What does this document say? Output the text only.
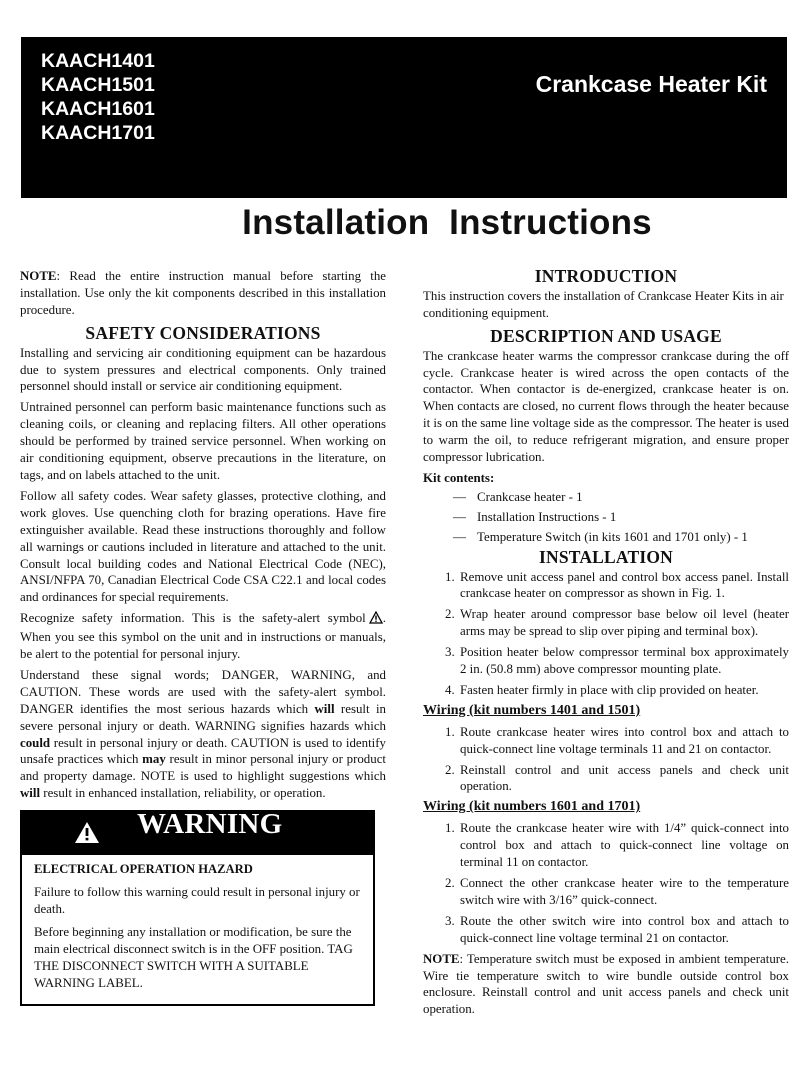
KAACH1401
KAACH1501
KAACH1601
KAACH1701
Crankcase Heater Kit
Installation  Instructions

NOTE: Read the entire instruction manual before starting the installation. Use only the kit components described in this installation procedure.

SAFETY CONSIDERATIONS

Installing and servicing air conditioning equipment can be hazardous due to system pressures and electrical components. Only trained personnel should install or service air conditioning equipment.

Untrained personnel can perform basic maintenance functions such as cleaning coils, or cleaning and replacing filters. All other operations should be performed by trained service personnel. When working on air conditioning equipment, observe precautions in the literature, on tags, and on labels attached to the unit.

Follow all safety codes. Wear safety glasses, protective clothing, and work gloves. Use quenching cloth for brazing operations. Have fire extinguisher available. Read these instructions thoroughly and follow all warnings or cautions included in literature and attached to the unit. Consult local building codes and National Electrical Code (NEC), ANSI/NFPA 70, Canadian Electrical Code CSA C22.1 and local codes and ordinances for special requirements.

Recognize safety information. This is the safety-alert symbol . When you see this symbol on the unit and in instructions or manuals, be alert to the potential for personal injury.

Understand these signal words; DANGER, WARNING, and CAUTION. These words are used with the safety-alert symbol. DANGER identifies the most serious hazards which will result in severe personal injury or death. WARNING signifies hazards which could result in personal injury or death. CAUTION is used to identify unsafe practices which may result in minor personal injury or product and property damage. NOTE is used to highlight suggestions which will result in enhanced installation, reliability, or operation.

WARNING
ELECTRICAL OPERATION HAZARD

Failure to follow this warning could result in personal injury or death.

Before beginning any installation or modification, be sure the main electrical disconnect switch is in the OFF position. TAG THE DISCONNECT SWITCH WITH A SUITABLE WARNING LABEL.

INTRODUCTION

This instruction covers the installation of Crankcase Heater Kits in air conditioning equipment.

DESCRIPTION AND USAGE

The crankcase heater warms the compressor crankcase during the off cycle. Crankcase heater is wired across the open contacts of the contactor. When contactor is de-energized, crankcase heater is on. When contacts are closed, no current flows through the heater because it is on the same line voltage side as the compressor. The heater is used to warm the oil, to reduce refrigerant migration, and ensure proper compressor lubrication.

Kit contents:
— Crankcase heater - 1
— Installation Instructions - 1
— Temperature Switch (in kits 1601 and 1701 only) - 1
INSTALLATION
1. Remove unit access panel and control box access panel. Install crankcase heater on compressor as shown in Fig. 1.
2. Wrap heater around compressor base below oil level (heater arms may be spread to slip over piping and terminal box).
3. Position heater below compressor terminal box approximately 2 in. (50.8 mm) above compressor mounting plate.
4. Fasten heater firmly in place with clip provided on heater.
Wiring (kit numbers 1401 and 1501)
1. Route crankcase heater wires into control box and attach to quick-connect line voltage terminals 11 and 21 on contactor.
2. Reinstall control and unit access panels and check unit operation.
Wiring (kit numbers 1601 and 1701)
1. Route the crankcase heater wire with 1/4” quick-connect into control box and attach to quick-connect line voltage on terminal 11 on contactor.
2. Connect the other crankcase heater wire to the temperature switch wire with 3/16” quick-connect.
3. Route the other switch wire into control box and attach to quick-connect line voltage terminal 21 on contactor.

NOTE: Temperature switch must be exposed in ambient temperature. Wire tie temperature switch to wire bundle outside control box enclosure. Reinstall control and unit access panels and check unit operation.
